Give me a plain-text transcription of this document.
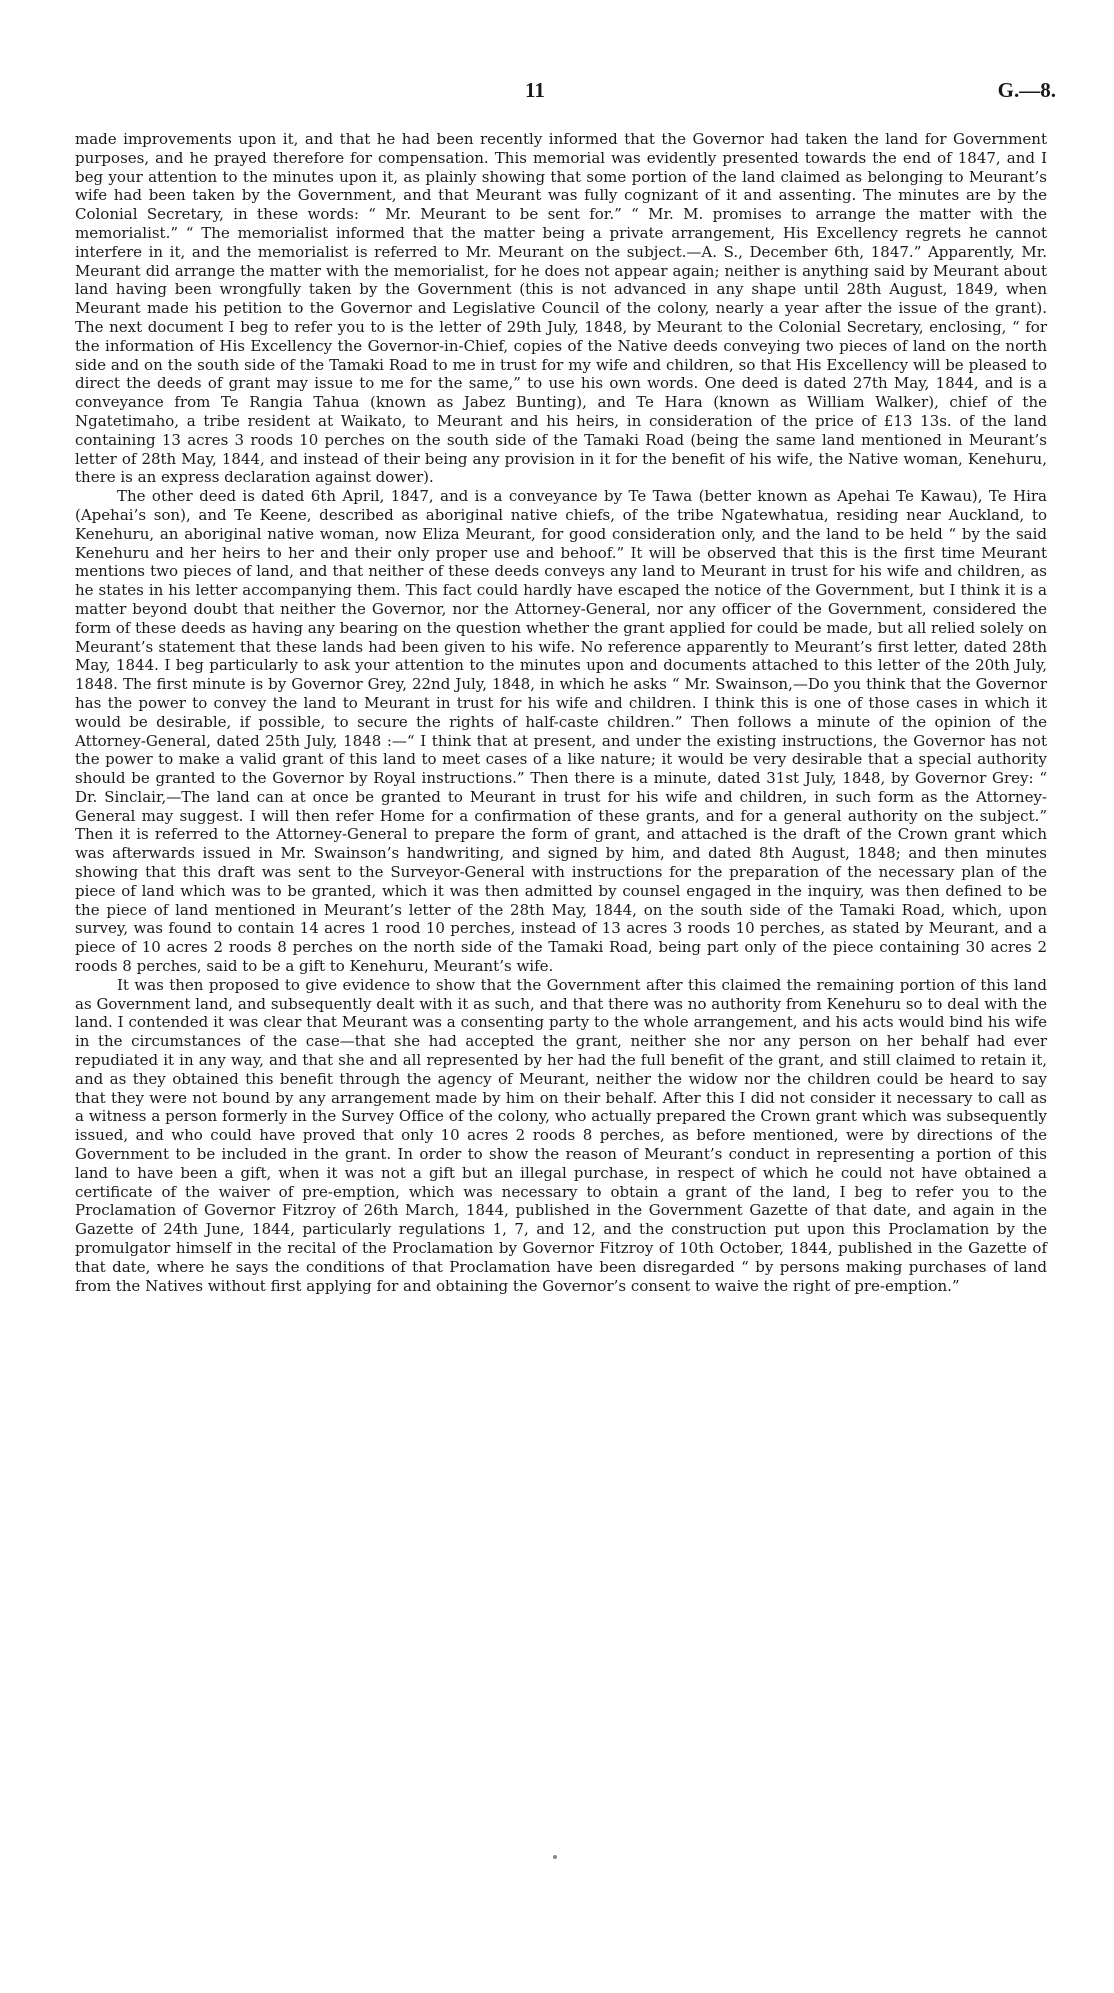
11	G.—8.

made improvements upon it, and that he had been recently informed that the Governor had taken the land for Government purposes, and he prayed therefore for compensation. This memorial was evidently presented towards the end of 1847, and I beg your attention to the minutes upon it, as plainly showing that some portion of the land claimed as belonging to Meurant’s wife had been taken by the Government, and that Meurant was fully cognizant of it and assenting. The minutes are by the Colonial Secretary, in these words: “ Mr. Meurant to be sent for.” “ Mr. M. promises to arrange the matter with the memorialist.” “ The memorialist informed that the matter being a private arrangement, His Excellency regrets he cannot interfere in it, and the memorialist is referred to Mr. Meurant on the subject.—A. S., December 6th, 1847.” Apparently, Mr. Meurant did arrange the matter with the memorialist, for he does not appear again; neither is anything said by Meurant about land having been wrongfully taken by the Government (this is not advanced in any shape until 28th August, 1849, when Meurant made his petition to the Governor and Legislative Council of the colony, nearly a year after the issue of the grant). The next document I beg to refer you to is the letter of 29th July, 1848, by Meurant to the Colonial Secretary, enclosing, “ for the information of His Excellency the Governor-in-Chief, copies of the Native deeds conveying two pieces of land on the north side and on the south side of the Tamaki Road to me in trust for my wife and children, so that His Excellency will be pleased to direct the deeds of grant may issue to me for the same,” to use his own words. One deed is dated 27th May, 1844, and is a conveyance from Te Rangia Tahua (known as Jabez Bunting), and Te Hara (known as William Walker), chief of the Ngatetimaho, a tribe resident at Waikato, to Meurant and his heirs, in consideration of the price of £13 13s. of the land containing 13 acres 3 roods 10 perches on the south side of the Tamaki Road (being the same land mentioned in Meurant’s letter of 28th May, 1844, and instead of their being any provision in it for the benefit of his wife, the Native woman, Kenehuru, there is an express declaration against dower).

The other deed is dated 6th April, 1847, and is a conveyance by Te Tawa (better known as Apehai Te Kawau), Te Hira (Apehai’s son), and Te Keene, described as aboriginal native chiefs, of the tribe Ngatewhatua, residing near Auckland, to Kenehuru, an aboriginal native woman, now Eliza Meurant, for good consideration only, and the land to be held “ by the said Kenehuru and her heirs to her and their only proper use and behoof.” It will be observed that this is the first time Meurant mentions two pieces of land, and that neither of these deeds conveys any land to Meurant in trust for his wife and children, as he states in his letter accompanying them. This fact could hardly have escaped the notice of the Government, but I think it is a matter beyond doubt that neither the Governor, nor the Attorney-General, nor any officer of the Government, considered the form of these deeds as having any bearing on the question whether the grant applied for could be made, but all relied solely on Meurant’s statement that these lands had been given to his wife. No reference apparently to Meurant’s first letter, dated 28th May, 1844. I beg particularly to ask your attention to the minutes upon and documents attached to this letter of the 20th July, 1848. The first minute is by Governor Grey, 22nd July, 1848, in which he asks “ Mr. Swainson,—Do you think that the Governor has the power to convey the land to Meurant in trust for his wife and children. I think this is one of those cases in which it would be desirable, if possible, to secure the rights of half-caste children.” Then follows a minute of the opinion of the Attorney-General, dated 25th July, 1848 :—“ I think that at present, and under the existing instructions, the Governor has not the power to make a valid grant of this land to meet cases of a like nature; it would be very desirable that a special authority should be granted to the Governor by Royal instructions.” Then there is a minute, dated 31st July, 1848, by Governor Grey: “ Dr. Sinclair,—The land can at once be granted to Meurant in trust for his wife and children, in such form as the Attorney-General may suggest. I will then refer Home for a confirmation of these grants, and for a general authority on the subject.” Then it is referred to the Attorney-General to prepare the form of grant, and attached is the draft of the Crown grant which was afterwards issued in Mr. Swainson’s handwriting, and signed by him, and dated 8th August, 1848; and then minutes showing that this draft was sent to the Surveyor-General with instructions for the preparation of the necessary plan of the piece of land which was to be granted, which it was then admitted by counsel engaged in the inquiry, was then defined to be the piece of land mentioned in Meurant’s letter of the 28th May, 1844, on the south side of the Tamaki Road, which, upon survey, was found to contain 14 acres 1 rood 10 perches, instead of 13 acres 3 roods 10 perches, as stated by Meurant, and a piece of 10 acres 2 roods 8 perches on the north side of the Tamaki Road, being part only of the piece containing 30 acres 2 roods 8 perches, said to be a gift to Kenehuru, Meurant’s wife.

It was then proposed to give evidence to show that the Government after this claimed the remaining portion of this land as Government land, and subsequently dealt with it as such, and that there was no authority from Kenehuru so to deal with the land. I contended it was clear that Meurant was a consenting party to the whole arrangement, and his acts would bind his wife in the circumstances of the case—that she had accepted the grant, neither she nor any person on her behalf had ever repudiated it in any way, and that she and all represented by her had the full benefit of the grant, and still claimed to retain it, and as they obtained this benefit through the agency of Meurant, neither the widow nor the children could be heard to say that they were not bound by any arrangement made by him on their behalf. After this I did not consider it necessary to call as a witness a person formerly in the Survey Office of the colony, who actually prepared the Crown grant which was subsequently issued, and who could have proved that only 10 acres 2 roods 8 perches, as before mentioned, were by directions of the Government to be included in the grant. In order to show the reason of Meurant’s conduct in representing a portion of this land to have been a gift, when it was not a gift but an illegal purchase, in respect of which he could not have obtained a certificate of the waiver of pre-emption, which was necessary to obtain a grant of the land, I beg to refer you to the Proclamation of Governor Fitzroy of 26th March, 1844, published in the Government Gazette of that date, and again in the Gazette of 24th June, 1844, particularly regulations 1, 7, and 12, and the construction put upon this Proclamation by the promulgator himself in the recital of the Proclamation by Governor Fitzroy of 10th October, 1844, published in the Gazette of that date, where he says the conditions of that Proclamation have been disregarded “ by persons making purchases of land from the Natives without first applying for and obtaining the Governor’s consent to waive the right of pre-emption.”
